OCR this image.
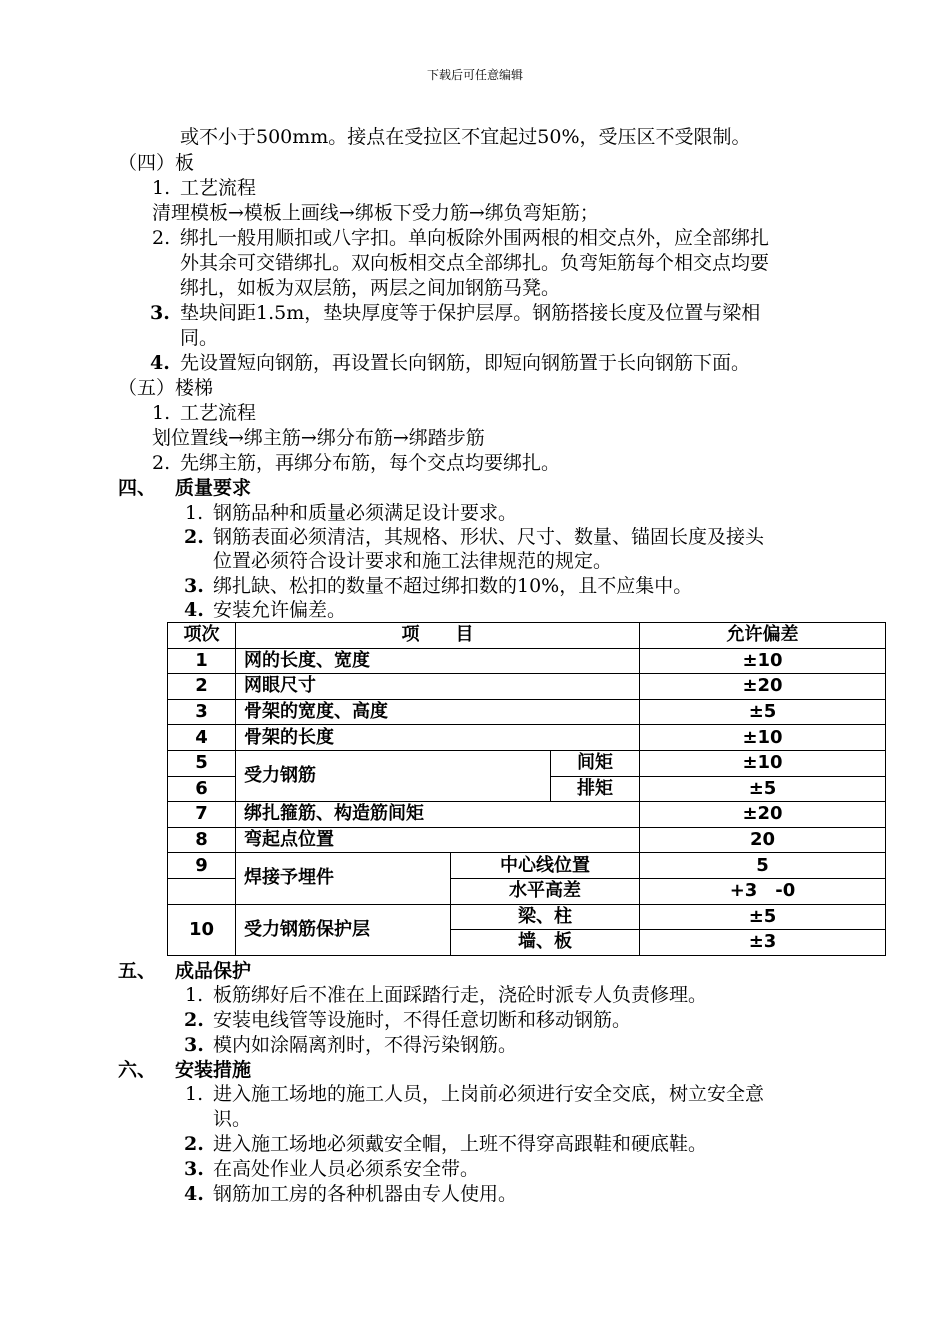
下载后可任意编辑
或不小于500mm。接点在受拉区不宜起过50%，受压区不受限制。
（四）板
1. 工艺流程
清理模板→模板上画线→绑板下受力筋→绑负弯矩筋；
2. 绑扎一般用顺扣或八字扣。单向板除外围两根的相交点外，应全部绑扎
外其余可交错绑扎。双向板相交点全部绑扎。负弯矩筋每个相交点均要
绑扎，如板为双层筋，两层之间加钢筋马凳。
3. 垫块间距1.5m，垫块厚度等于保护层厚。钢筋搭接长度及位置与梁相
同。
4. 先设置短向钢筋，再设置长向钢筋，即短向钢筋置于长向钢筋下面。
（五）楼梯
1. 工艺流程
划位置线→绑主筋→绑分布筋→绑踏步筋
2. 先绑主筋，再绑分布筋，每个交点均要绑扎。
四、 质量要求
1. 钢筋品种和质量必须满足设计要求。
2. 钢筋表面必须清洁，其规格、形状、尺寸、数量、锚固长度及接头
位置必须符合设计要求和施工法律规范的规定。
3. 绑扎缺、松扣的数量不超过绑扣数的10%，且不应集中。
4. 安装允许偏差。
项次	项　　目			允许偏差
1	网的长度、宽度			±10
2	网眼尺寸			±20
3	骨架的宽度、高度			±5
4	骨架的长度			±10
5	受力钢筋		间矩	±10
6			排矩	±5
7	绑扎箍筋、构造筋间矩			±20
8	弯起点位置			20
9	焊接予埋件	中心线位置		5
		水平高差		+3　-0
10	受力钢筋保护层	梁、柱		±5
		墙、板		±3
五、 成品保护
1. 板筋绑好后不准在上面踩踏行走，浇砼时派专人负责修理。
2. 安装电线管等设施时，不得任意切断和移动钢筋。
3. 模内如涂隔离剂时，不得污染钢筋。
六、 安装措施
1. 进入施工场地的施工人员，上岗前必须进行安全交底，树立安全意
识。
2. 进入施工场地必须戴安全帽，上班不得穿高跟鞋和硬底鞋。
3. 在高处作业人员必须系安全带。
4. 钢筋加工房的各种机器由专人使用。
